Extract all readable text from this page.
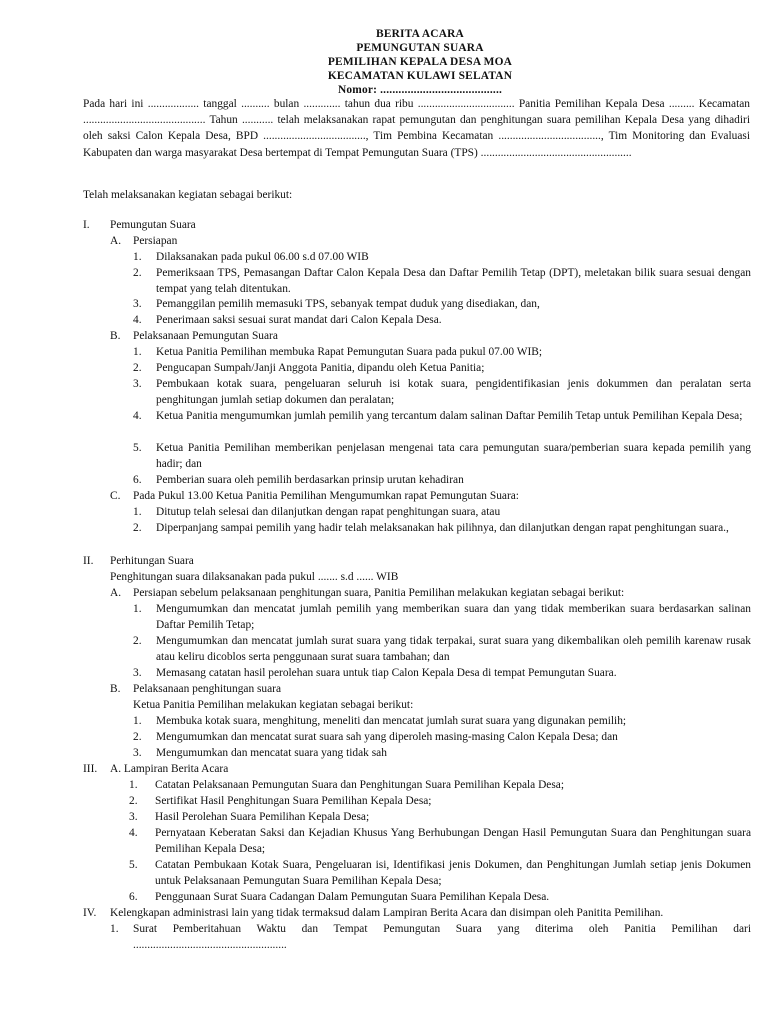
BERITA ACARA
PEMUNGUTAN SUARA
PEMILIHAN KEPALA DESA MOA
KECAMATAN KULAWI SELATAN
Nomor: ........................................
Pada hari ini .................. tanggal .......... bulan ............. tahun dua ribu .................................. Panitia Pemilihan Kepala Desa ......... Kecamatan ........................................... Tahun ........... telah melaksanakan rapat pemungutan dan penghitungan suara pemilihan Kepala Desa yang dihadiri oleh saksi Calon Kepala Desa, BPD ...................................., Tim Pembina Kecamatan ...................................., Tim Monitoring dan Evaluasi Kabupaten dan warga masyarakat Desa bertempat di Tempat Pemungutan Suara (TPS) .....................................................
Telah melaksanakan kegiatan sebagai berikut:
I. Pemungutan Suara
A. Persiapan
1. Dilaksanakan pada pukul 06.00 s.d 07.00 WIB
2. Pemeriksaan TPS, Pemasangan Daftar Calon Kepala Desa dan Daftar Pemilih Tetap (DPT), meletakan bilik suara sesuai dengan tempat yang telah ditentukan.
3. Pemanggilan pemilih memasuki TPS, sebanyak tempat duduk yang disediakan, dan,
4. Penerimaan saksi sesuai surat mandat dari Calon Kepala Desa.
B. Pelaksanaan Pemungutan Suara
1. Ketua Panitia Pemilihan membuka Rapat Pemungutan Suara pada pukul 07.00 WIB;
2. Pengucapan Sumpah/Janji Anggota Panitia, dipandu oleh Ketua Panitia;
3. Pembukaan kotak suara, pengeluaran seluruh isi kotak suara, pengidentifikasian jenis dokummen dan peralatan serta penghitungan jumlah setiap dokumen dan peralatan;
4. Ketua Panitia mengumumkan jumlah pemilih yang tercantum dalam salinan Daftar Pemilih Tetap untuk Pemilihan Kepala Desa;
5. Ketua Panitia Pemilihan memberikan penjelasan mengenai tata cara pemungutan suara/pemberian suara kepada pemilih yang hadir; dan
6. Pemberian suara oleh pemilih berdasarkan prinsip urutan kehadiran
C. Pada Pukul 13.00 Ketua Panitia Pemilihan Mengumumkan rapat Pemungutan Suara:
1. Ditutup telah selesai dan dilanjutkan dengan rapat penghitungan suara, atau
2. Diperpanjang sampai pemilih yang hadir telah melaksanakan hak pilihnya, dan dilanjutkan dengan rapat penghitungan suara.,
II. Perhitungan Suara
Penghitungan suara dilaksanakan pada pukul ....... s.d ...... WIB
A. Persiapan sebelum pelaksanaan penghitungan suara, Panitia Pemilihan melakukan kegiatan sebagai berikut:
1. Mengumumkan dan mencatat jumlah pemilih yang memberikan suara dan yang tidak memberikan suara berdasarkan salinan Daftar Pemilih Tetap;
2. Mengumumkan dan mencatat jumlah surat suara yang tidak terpakai, surat suara yang dikembalikan oleh pemilih karenaw rusak atau keliru dicoblos serta penggunaan surat suara tambahan; dan
3. Memasang catatan hasil perolehan suara untuk tiap Calon Kepala Desa di tempat Pemungutan Suara.
B. Pelaksanaan penghitungan suara
Ketua Panitia Pemilihan melakukan kegiatan sebagai berikut:
1. Membuka kotak suara, menghitung, meneliti dan mencatat jumlah surat suara yang digunakan pemilih;
2. Mengumumkan dan mencatat surat suara sah yang diperoleh masing-masing Calon Kepala Desa; dan
3. Mengumumkan dan mencatat suara yang tidak sah
III. A. Lampiran Berita Acara
1. Catatan Pelaksanaan Pemungutan Suara dan Penghitungan Suara Pemilihan Kepala Desa;
2. Sertifikat Hasil Penghitungan Suara Pemilihan Kepala Desa;
3. Hasil Perolehan Suara Pemilihan Kepala Desa;
4. Pernyataan Keberatan Saksi dan Kejadian Khusus Yang Berhubungan Dengan Hasil Pemungutan Suara dan Penghitungan suara Pemilihan Kepala Desa;
5. Catatan Pembukaan Kotak Suara, Pengeluaran isi, Identifikasi jenis Dokumen, dan Penghitungan Jumlah setiap jenis Dokumen untuk Pelaksanaan Pemungutan Suara Pemilihan Kepala Desa;
6. Penggunaan Surat Suara Cadangan Dalam Pemungutan Suara Pemilihan Kepala Desa.
IV. Kelengkapan administrasi lain yang tidak termaksud dalam Lampiran Berita Acara dan disimpan oleh Panitita Pemilihan.
1. Surat Pemberitahuan Waktu dan Tempat Pemungutan Suara yang diterima oleh Panitia Pemilihan dari ......................................................
